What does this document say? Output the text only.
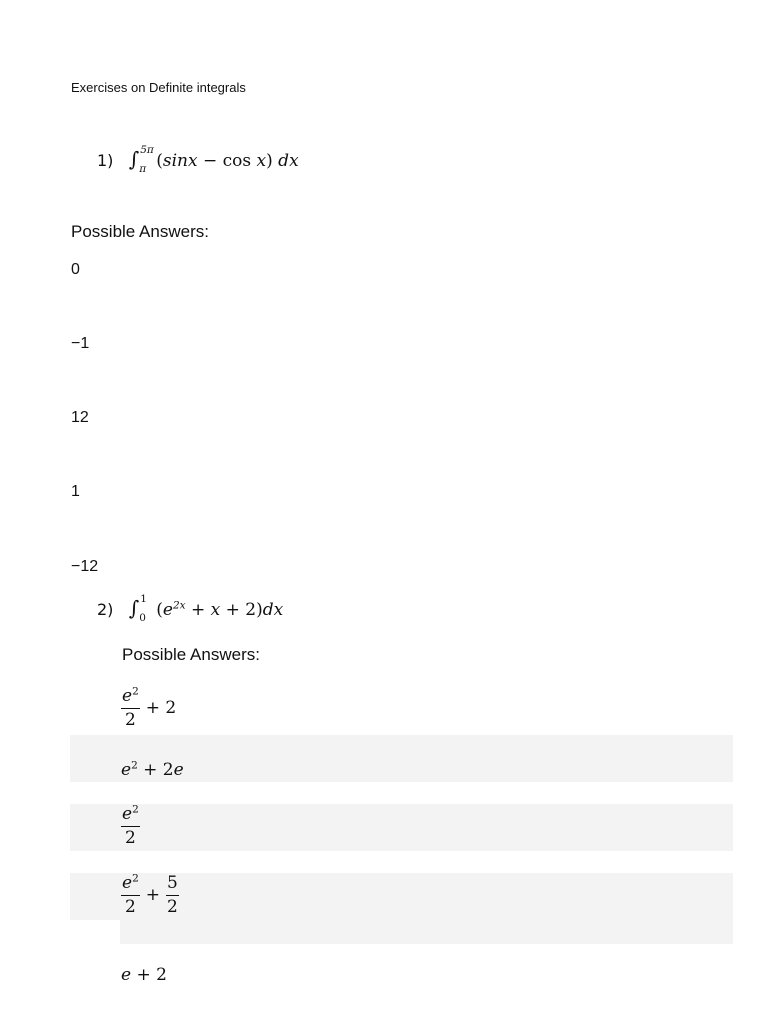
Exercises on Definite integrals
1) ∫ 5π
π (sinx − cos x) dx
Possible Answers:
0
−1
12
1
−12
2) ∫ 1
0 $(e^{2x} + x + 2)dx$
Possible Answers:
$\frac{e^2}{2} + 2$
$e^2 + 2e$
$\frac{e^2}{2}$
$\frac{e^2}{2} + \frac{5}{2}$
e + 2
